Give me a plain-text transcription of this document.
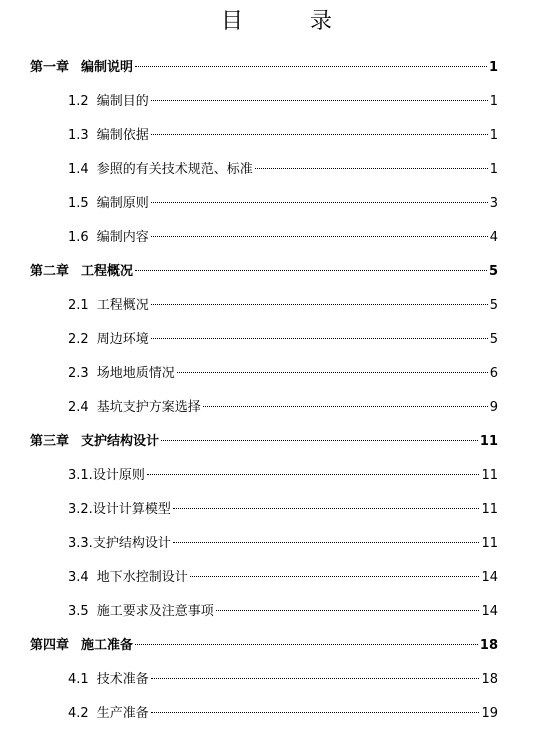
目 录
第一章 编制说明	1
1.2 编制目的	1
1.3 编制依据	1
1.4 参照的有关技术规范、标准	1
1.5 编制原则	3
1.6 编制内容	4
第二章 工程概况	5
2.1 工程概况	5
2.2 周边环境	5
2.3 场地地质情况	6
2.4 基坑支护方案选择	9
第三章 支护结构设计	11
3.1. 设计原则	11
3.2. 设计计算模型	11
3.3. 支护结构设计	11
3.4 地下水控制设计	14
3.5 施工要求及注意事项	14
第四章 施工准备	18
4.1 技术准备	18
4.2 生产准备	19
